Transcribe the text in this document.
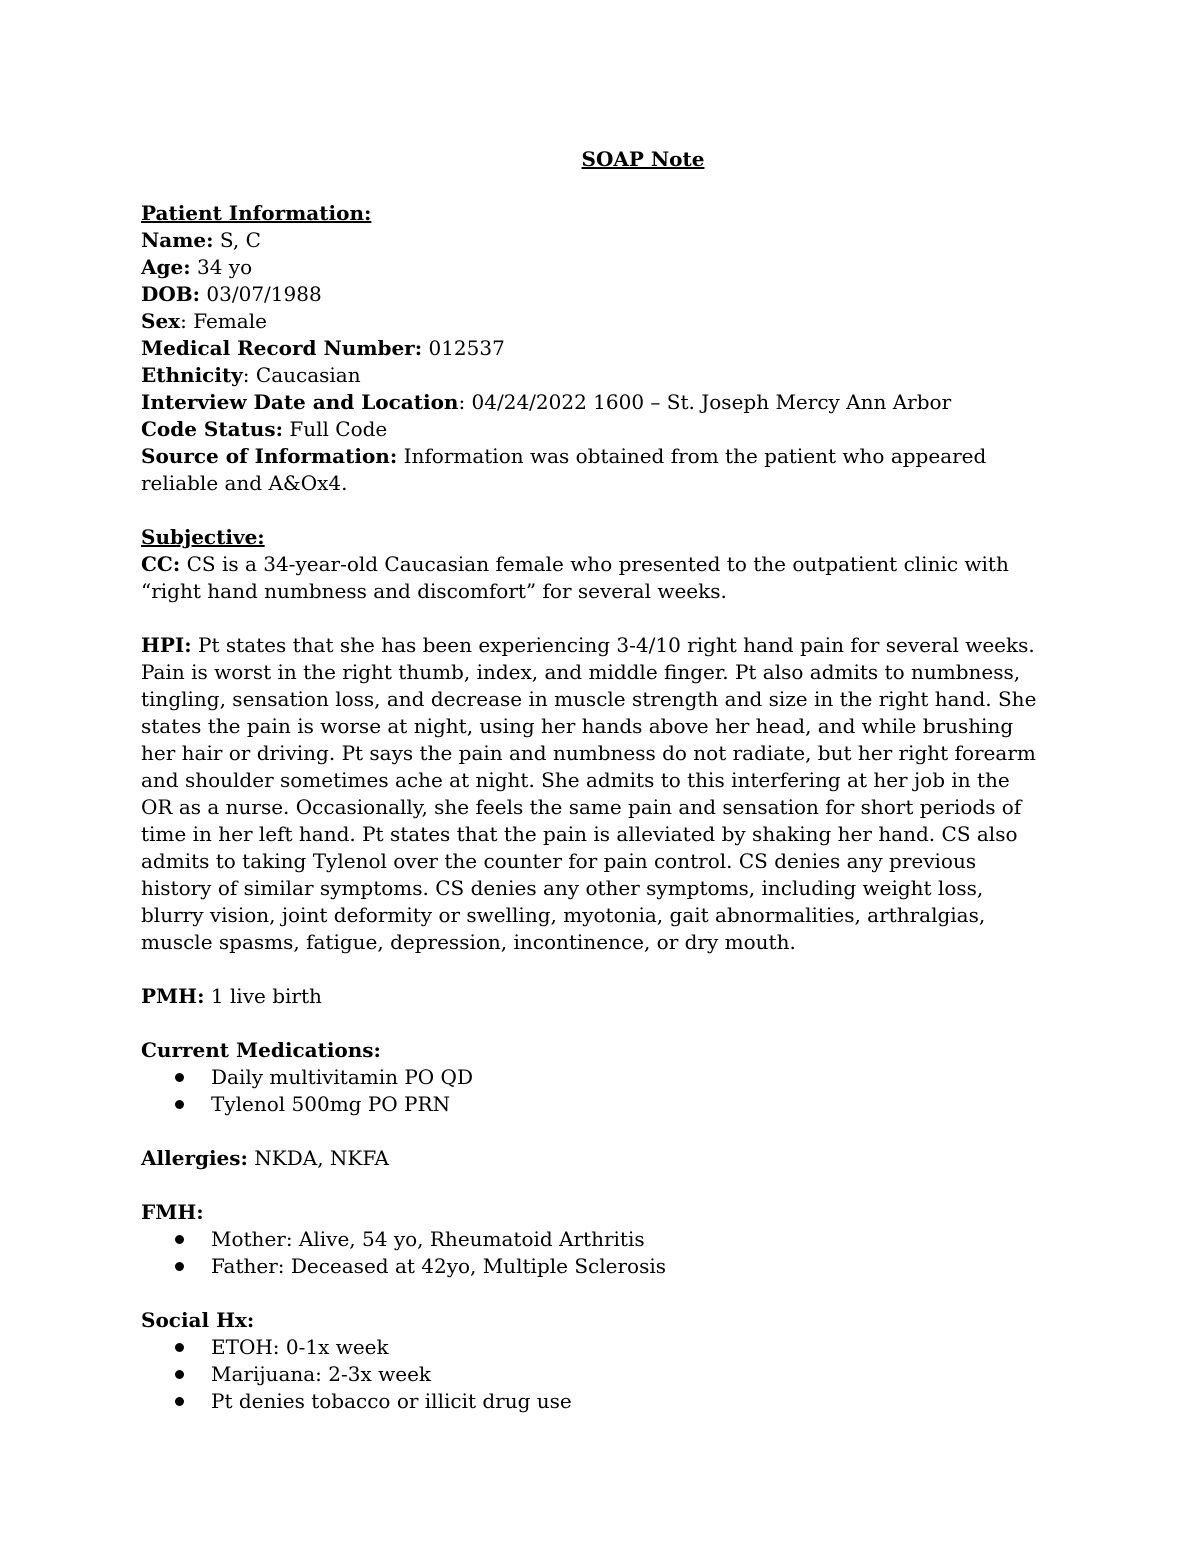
SOAP Note

Patient Information:

Name: S, C

Age: 34 yo

DOB: 03/07/1988

Sex: Female

Medical Record Number: 012537

Ethnicity: Caucasian

Interview Date and Location: 04/24/2022 1600 – St. Joseph Mercy Ann Arbor

Code Status: Full Code

Source of Information: Information was obtained from the patient who appeared reliable and A&Ox4.

Subjective:

CC: CS is a 34-year-old Caucasian female who presented to the outpatient clinic with “right hand numbness and discomfort” for several weeks.

HPI: Pt states that she has been experiencing 3-4/10 right hand pain for several weeks. Pain is worst in the right thumb, index, and middle finger. Pt also admits to numbness, tingling, sensation loss, and decrease in muscle strength and size in the right hand. She states the pain is worse at night, using her hands above her head, and while brushing her hair or driving. Pt says the pain and numbness do not radiate, but her right forearm and shoulder sometimes ache at night. She admits to this interfering at her job in the OR as a nurse. Occasionally, she feels the same pain and sensation for short periods of time in her left hand. Pt states that the pain is alleviated by shaking her hand. CS also admits to taking Tylenol over the counter for pain control. CS denies any previous history of similar symptoms. CS denies any other symptoms, including weight loss, blurry vision, joint deformity or swelling, myotonia, gait abnormalities, arthralgias, muscle spasms, fatigue, depression, incontinence, or dry mouth.

PMH: 1 live birth

Current Medications:

Daily multivitamin PO QD
Tylenol 500mg PO PRN

Allergies: NKDA, NKFA

FMH:

Mother: Alive, 54 yo, Rheumatoid Arthritis
Father: Deceased at 42yo, Multiple Sclerosis

Social Hx:

ETOH: 0-1x week
Marijuana: 2-3x week
Pt denies tobacco or illicit drug use
